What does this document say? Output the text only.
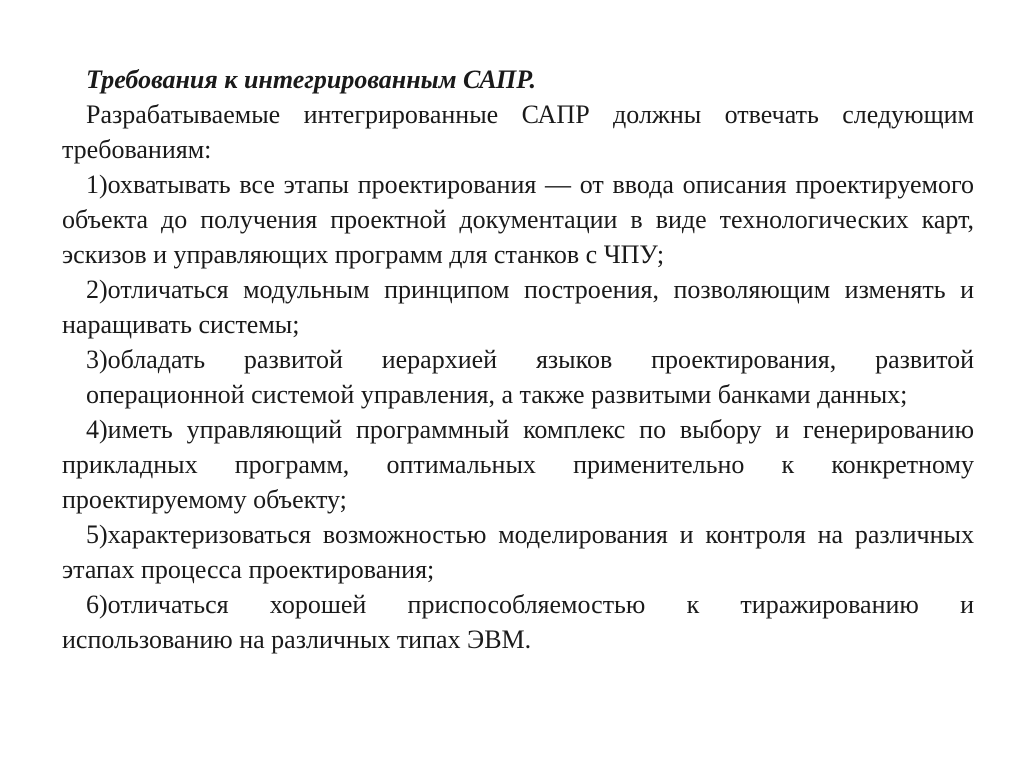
Требования к интегрированным САПР.

Разрабатываемые интегрированные САПР должны отвечать следующим требованиям:

1)охватывать все этапы проектирования — от ввода описания проектируемого объекта до получения проектной документации в виде технологических карт, эскизов и управляющих программ для станков с ЧПУ;

2)отличаться модульным принципом построения, позволяющим изменять и наращивать системы;

3)обладать развитой иерархией языков проектирования, развитой операционной системой управления, а также развитыми банками данных;

4)иметь управляющий программный комплекс по выбору и генерированию прикладных программ, оптимальных применительно к конкретному проектируемому объекту;

5)характеризоваться возможностью моделирования и контроля на различных этапах процесса проектирования;

6)отличаться хорошей приспособляемостью к тиражированию и использованию на различных типах ЭВМ.
